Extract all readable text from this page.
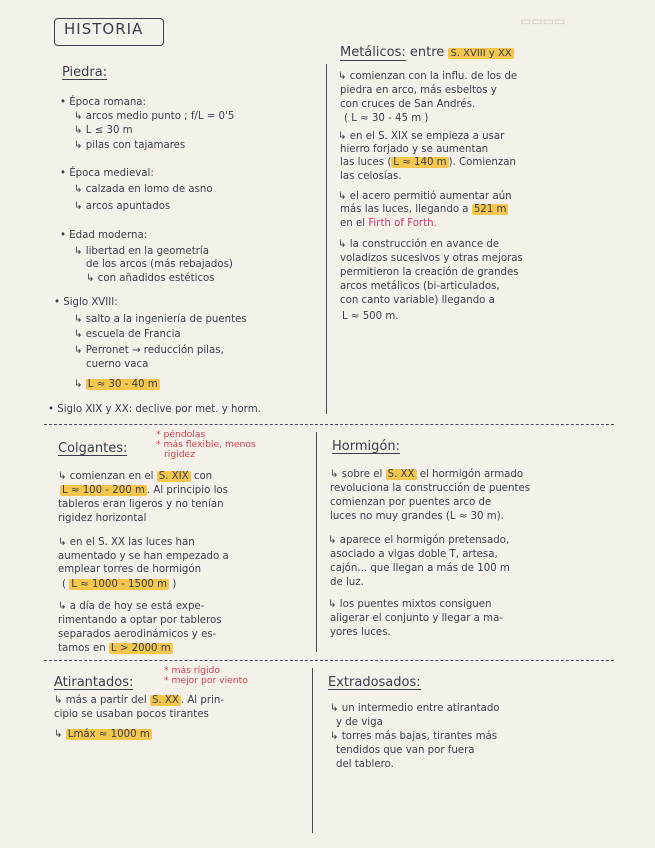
▭▭▭▭
HISTORIA
Piedra:
• Época romana:
↳ arcos medio punto ; f/L = 0'5
↳ L ≤ 30 m
↳ pilas con tajamares
• Época medieval:
↳ calzada en lomo de asno
↳ arcos apuntados
• Edad moderna:
↳ libertad en la geometría
de los arcos (más rebajados)
↳ con añadidos estéticos
• Siglo XVIII:
↳ salto a la ingeniería de puentes
↳ escuela de Francia
↳ Perronet → reducción pilas,
cuerno vaca
↳ L ≈ 30 - 40 m
• Siglo XIX y XX: declive por met. y horm.
Metálicos: entre S. XVIII y XX
↳ comienzan con la influ. de los de
piedra en arco, más esbeltos y
con cruces de San Andrés.
( L ≈ 30 - 45 m )
↳ en el S. XIX se empieza a usar
hierro forjado y se aumentan
las luces ( L ≈ 140 m ). Comienzan
las celosías.
↳ el acero permitió aumentar aún
más las luces, llegando a 521 m
en el Firth of Forth.
↳ la construcción en avance de
voladizos sucesivos y otras mejoras
permitieron la creación de grandes
arcos metálicos (bi-articulados,
con canto variable) llegando a
L ≈ 500 m.
Colgantes:
* péndolas
* más flexible, menos
rigidez
↳ comienzan en el S. XIX con
L ≈ 100 - 200 m . Al principio los
tableros eran ligeros y no tenían
rigidez horizontal
↳ en el S. XX las luces han
aumentado y se han empezado a
emplear torres de hormigón
( L ≈ 1000 - 1500 m )
↳ a día de hoy se está expe-
rimentando a optar por tableros
separados aerodinámicos y es-
tamos en L > 2000 m
Hormigón:
↳ sobre el S. XX el hormigón armado
revoluciona la construcción de puentes
comienzan por puentes arco de
luces no muy grandes (L ≈ 30 m).
↳ aparece el hormigón pretensado,
asociado a vigas doble T, artesa,
cajón... que llegan a más de 100 m
de luz.
↳ los puentes mixtos consiguen
aligerar el conjunto y llegar a ma-
yores luces.
Atirantados:
* más rígido
* mejor por viento
↳ más a partir del S. XX . Al prin-
cipio se usaban pocos tirantes
↳ Lmáx ≈ 1000 m
Extradosados:
↳ un intermedio entre atirantado
y de viga
↳ torres más bajas, tirantes más
tendidos que van por fuera
del tablero.
